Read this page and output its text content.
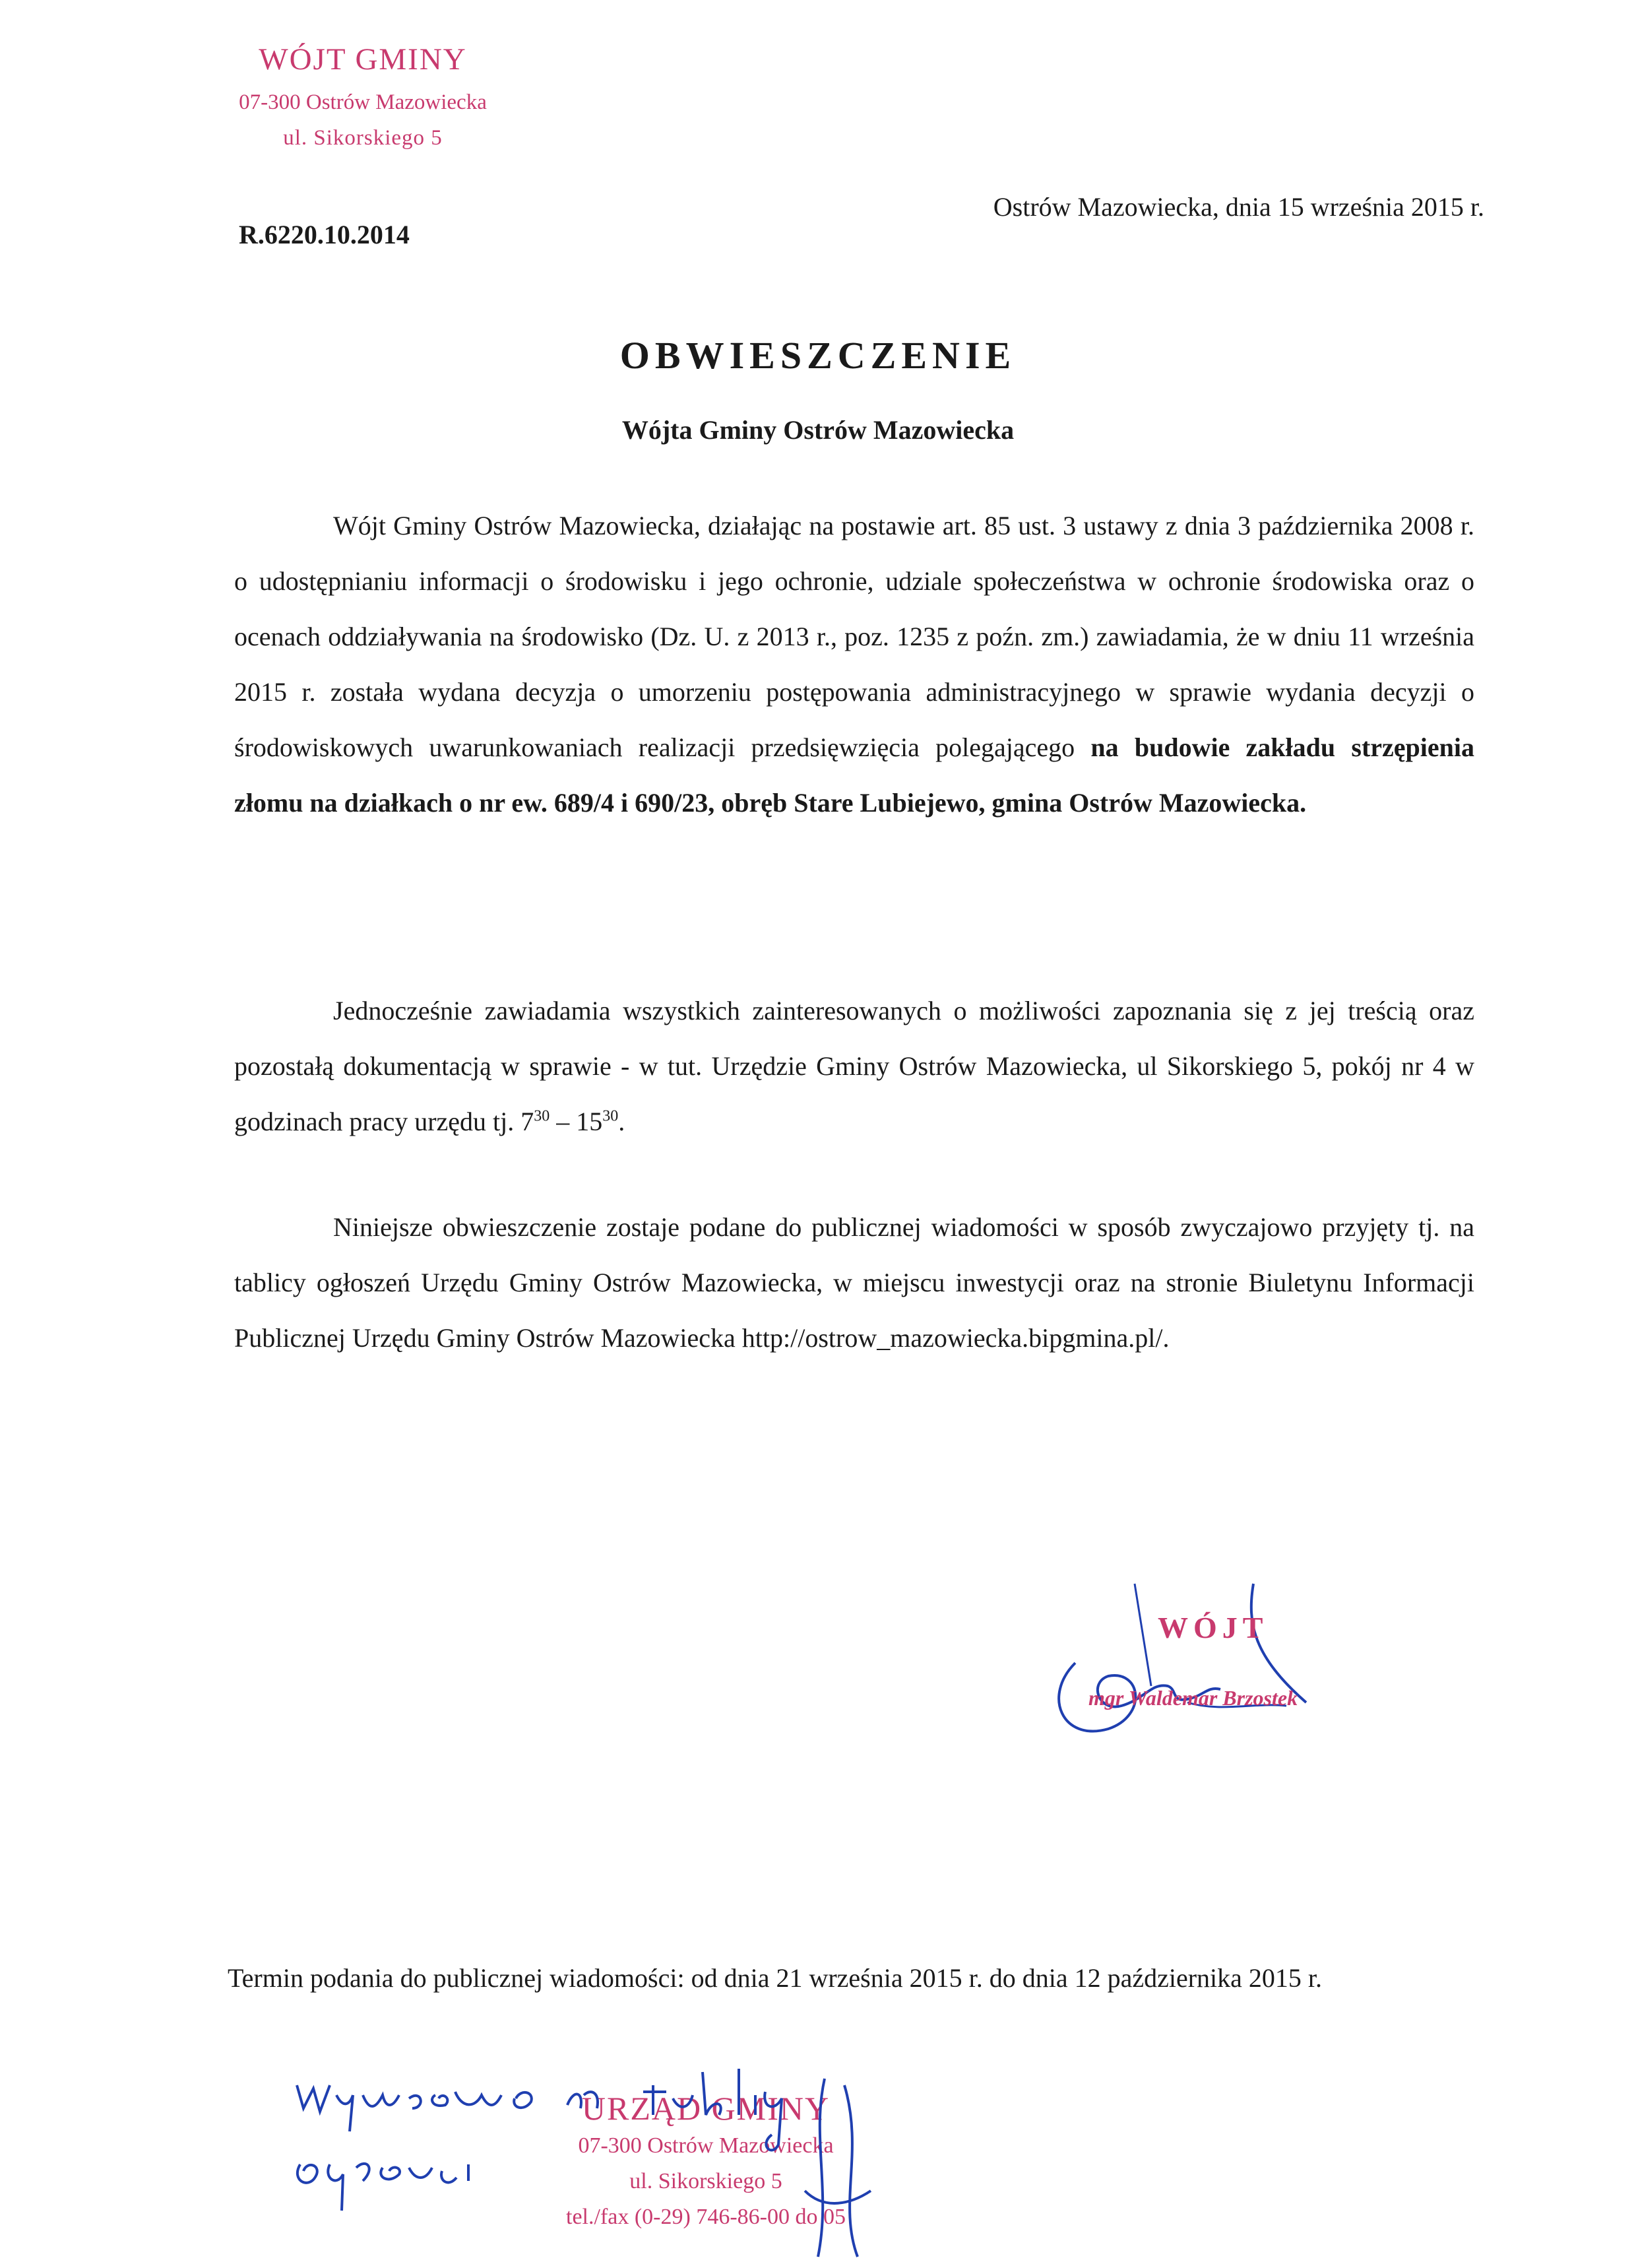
WÓJT GMINY
07-300 Ostrów Mazowiecka
ul. Sikorskiego 5
R.6220.10.2014
Ostrów Mazowiecka, dnia 15 września 2015 r.
OBWIESZCZENIE
Wójta Gminy Ostrów Mazowiecka

Wójt Gminy Ostrów Mazowiecka, działając na postawie art. 85 ust. 3 ustawy z dnia 3 października 2008 r. o udostępnianiu informacji o środowisku i jego ochronie, udziale społeczeństwa w ochronie środowiska oraz o ocenach oddziaływania na środowisko (Dz. U. z 2013 r., poz. 1235 z poźn. zm.) zawiadamia, że w dniu 11 września 2015 r. została wydana decyzja o umorzeniu postępowania administracyjnego w sprawie wydania decyzji o środowiskowych uwarunkowaniach realizacji przedsięwzięcia polegającego na budowie zakładu strzępienia złomu na działkach o nr ew. 689/4 i 690/23, obręb Stare Lubiejewo, gmina Ostrów Mazowiecka.

Jednocześnie zawiadamia wszystkich zainteresowanych o możliwości zapoznania się z jej treścią oraz pozostałą dokumentacją w sprawie - w tut. Urzędzie Gminy Ostrów Mazowiecka, ul Sikorskiego 5, pokój nr 4 w godzinach pracy urzędu tj. $7^{30} - 15^{30}$.

Niniejsze obwieszczenie zostaje podane do publicznej wiadomości w sposób zwyczajowo przyjęty tj. na tablicy ogłoszeń Urzędu Gminy Ostrów Mazowiecka, w miejscu inwestycji oraz na stronie Biuletynu Informacji Publicznej Urzędu Gminy Ostrów Mazowiecka http://ostrow_mazowiecka.bipgmina.pl/.

WÓJT
mgr Waldemar Brzostek
Termin podania do publicznej wiadomości: od dnia 21 września 2015 r. do dnia 12 października 2015 r.
URZĄD GMINY
07-300 Ostrów Mazowiecka
ul. Sikorskiego 5
tel./fax (0-29) 746-86-00 do 05
